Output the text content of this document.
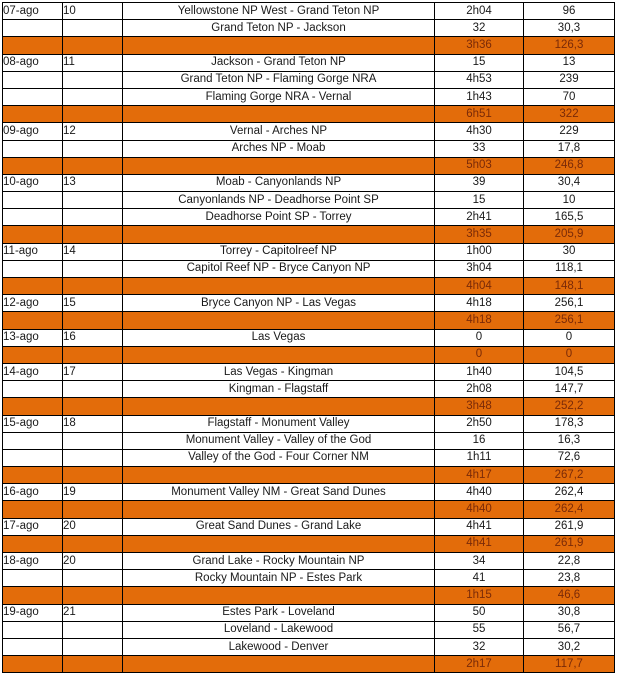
07-ago	10	Yellowstone NP West - Grand Teton NP	2h04	96
		Grand Teton NP - Jackson	32	30,3
			3h36	126,3
08-ago	11	Jackson - Grand Teton NP	15	13
		Grand Teton NP - Flaming Gorge NRA	4h53	239
		Flaming Gorge NRA - Vernal	1h43	70
			6h51	322
09-ago	12	Vernal - Arches NP	4h30	229
		Arches NP - Moab	33	17,8
			5h03	246,8
10-ago	13	Moab - Canyonlands NP	39	30,4
		Canyonlands NP - Deadhorse Point SP	15	10
		Deadhorse Point SP - Torrey	2h41	165,5
			3h35	205,9
11-ago	14	Torrey - Capitolreef NP	1h00	30
		Capitol Reef NP - Bryce Canyon NP	3h04	118,1
			4h04	148,1
12-ago	15	Bryce Canyon NP - Las Vegas	4h18	256,1
			4h18	256,1
13-ago	16	Las Vegas	0	0
			0	0
14-ago	17	Las Vegas - Kingman	1h40	104,5
		Kingman - Flagstaff	2h08	147,7
			3h48	252,2
15-ago	18	Flagstaff - Monument Valley	2h50	178,3
		Monument Valley - Valley of the God	16	16,3
		Valley of the God - Four Corner NM	1h11	72,6
			4h17	267,2
16-ago	19	Monument Valley NM - Great Sand Dunes	4h40	262,4
			4h40	262,4
17-ago	20	Great Sand Dunes - Grand Lake	4h41	261,9
			4h41	261,9
18-ago	20	Grand Lake - Rocky Mountain NP	34	22,8
		Rocky Mountain NP - Estes Park	41	23,8
			1h15	46,6
19-ago	21	Estes Park - Loveland	50	30,8
		Loveland - Lakewood	55	56,7
		Lakewood - Denver	32	30,2
			2h17	117,7
